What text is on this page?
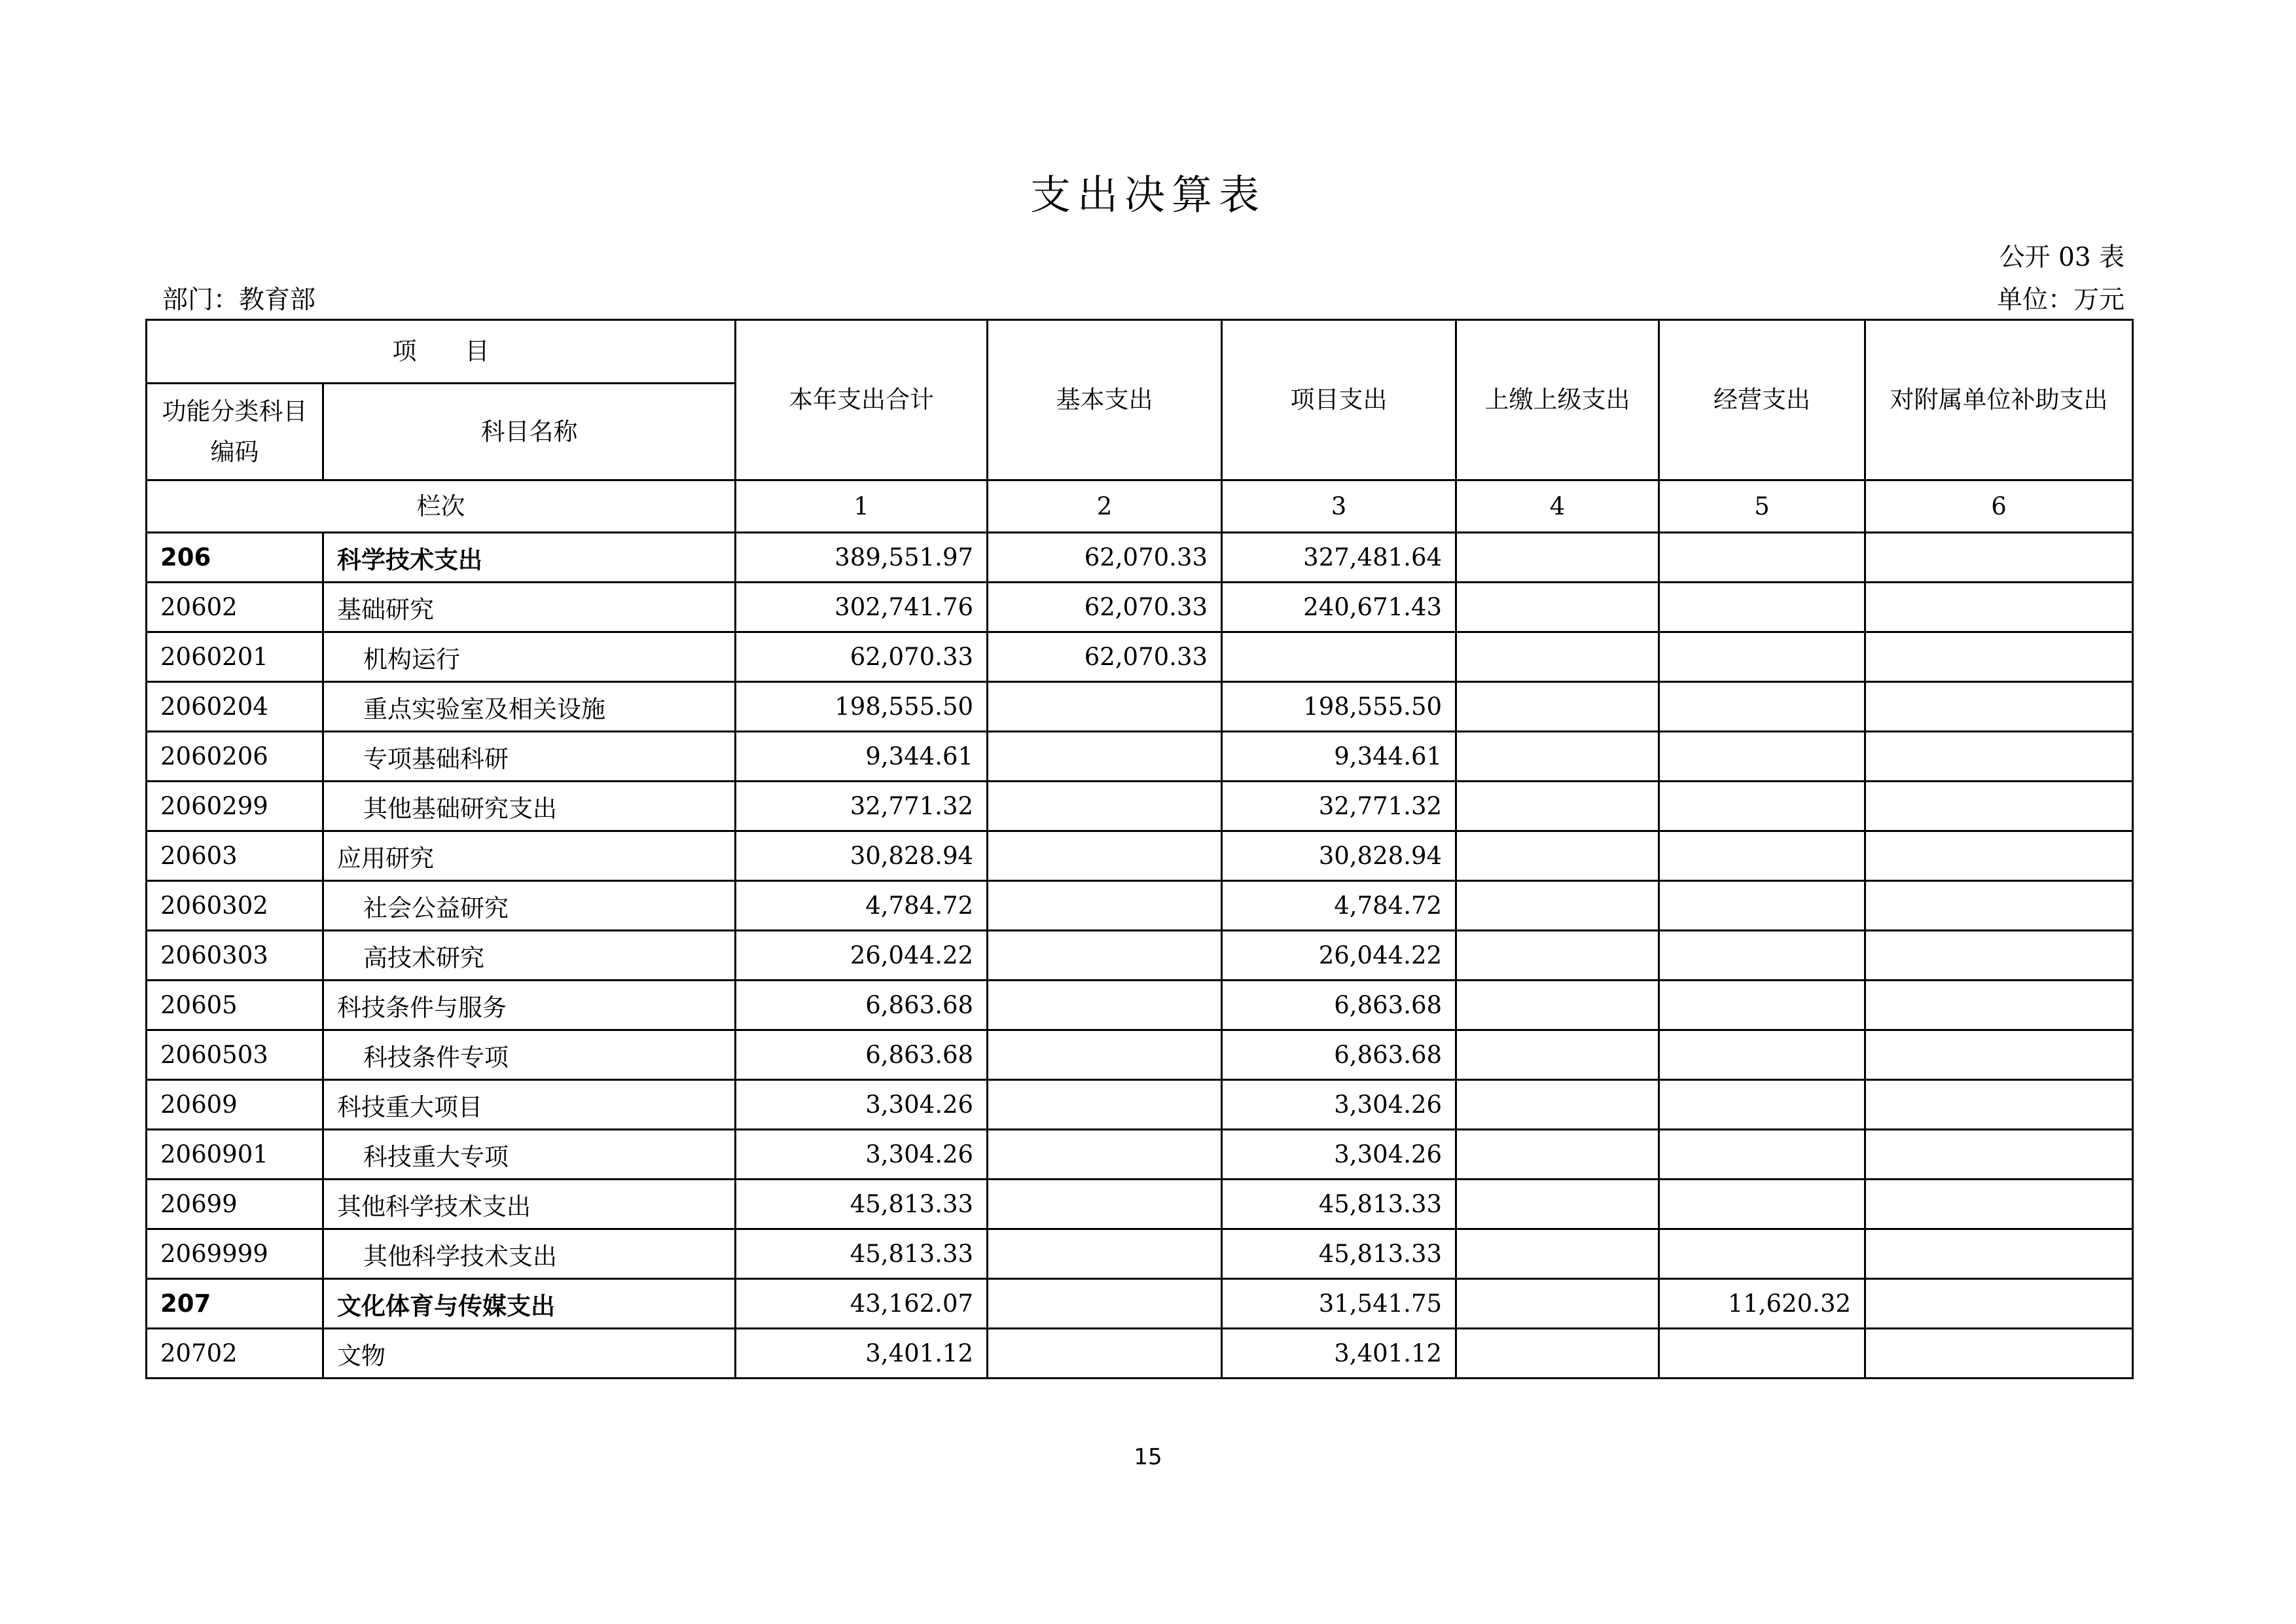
支出决算表
公开 03 表
部门：教育部	单位：万元
项　　目		本年支出合计	基本支出	项目支出	上缴上级支出	经营支出	对附属单位补助支出
功能分类科目编码	科目名称						
栏次		1	2	3	4	5	6
206	科学技术支出	389,551.97	62,070.33	327,481.64			
20602	基础研究	302,741.76	62,070.33	240,671.43			
2060201	机构运行	62,070.33	62,070.33				
2060204	重点实验室及相关设施	198,555.50		198,555.50			
2060206	专项基础科研	9,344.61		9,344.61			
2060299	其他基础研究支出	32,771.32		32,771.32			
20603	应用研究	30,828.94		30,828.94			
2060302	社会公益研究	4,784.72		4,784.72			
2060303	高技术研究	26,044.22		26,044.22			
20605	科技条件与服务	6,863.68		6,863.68			
2060503	科技条件专项	6,863.68		6,863.68			
20609	科技重大项目	3,304.26		3,304.26			
2060901	科技重大专项	3,304.26		3,304.26			
20699	其他科学技术支出	45,813.33		45,813.33			
2069999	其他科学技术支出	45,813.33		45,813.33			
207	文化体育与传媒支出	43,162.07		31,541.75		11,620.32	
20702	文物	3,401.12		3,401.12			
15
